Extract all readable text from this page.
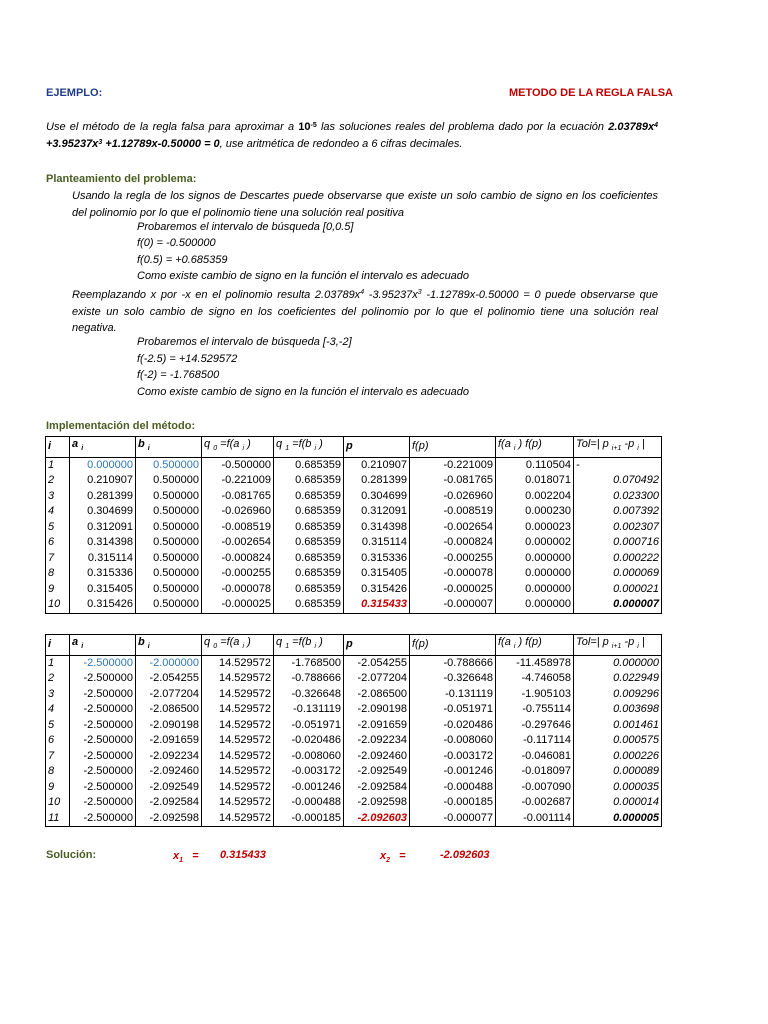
EJEMPLO:	METODO DE LA REGLA FALSA
Use el método de la regla falsa para aproximar a $10^{-5}$ las soluciones reales del problema dado por la ecuación $2.03789x^4 +3.95237x^3 +1.12789x-0.50000 = 0$, use aritmética de redondeo a 6 cifras decimales.
Planteamiento del problema:
Usando la regla de los signos de Descartes puede observarse que existe un solo cambio de signo en los coeficientes del polinomio por lo que el polinomio tiene una solución real positiva
Probaremos el intervalo de búsqueda [0,0.5]
f(0) = -0.500000
f(0.5) = +0.685359
Como existe cambio de signo en la función el intervalo es adecuado
Reemplazando x por -x en el polinomio resulta $2.03789x^4$ $-3.95237x^3$ -1.12789x-0.50000 = 0 puede observarse que existe un solo cambio de signo en los coeficientes del polinomio por lo que el polinomio tiene una solución real negativa.
Probaremos el intervalo de búsqueda [-3,-2]
f(-2.5) = +14.529572
f(-2) = -1.768500
Como existe cambio de signo en la función el intervalo es adecuado
Implementación del método:
i	a $_i$	b $_i$	q $_0$ =f(a $_i$ )	q $_1$ =f(b $_i$ )	p	f(p)	f(a $_i$ ) f(p)	Tol=| p $_{i+1}$ -p $_i$ |
1	0.000000	0.500000	-0.500000	0.685359	0.210907	-0.221009	0.110504	-
2	0.210907	0.500000	-0.221009	0.685359	0.281399	-0.081765	0.018071	0.070492
3	0.281399	0.500000	-0.081765	0.685359	0.304699	-0.026960	0.002204	0.023300
4	0.304699	0.500000	-0.026960	0.685359	0.312091	-0.008519	0.000230	0.007392
5	0.312091	0.500000	-0.008519	0.685359	0.314398	-0.002654	0.000023	0.002307
6	0.314398	0.500000	-0.002654	0.685359	0.315114	-0.000824	0.000002	0.000716
7	0.315114	0.500000	-0.000824	0.685359	0.315336	-0.000255	0.000000	0.000222
8	0.315336	0.500000	-0.000255	0.685359	0.315405	-0.000078	0.000000	0.000069
9	0.315405	0.500000	-0.000078	0.685359	0.315426	-0.000025	0.000000	0.000021
10	0.315426	0.500000	-0.000025	0.685359	0.315433	-0.000007	0.000000	0.000007
i	a $_i$	b $_i$	q $_0$ =f(a $_i$ )	q $_1$ =f(b $_i$ )	p	f(p)	f(a $_i$ ) f(p)	Tol=| p $_{i+1}$ -p $_i$ |
1	-2.500000	-2.000000	14.529572	-1.768500	-2.054255	-0.788666	-11.458978	0.000000
2	-2.500000	-2.054255	14.529572	-0.788666	-2.077204	-0.326648	-4.746058	0.022949
3	-2.500000	-2.077204	14.529572	-0.326648	-2.086500	-0.131119	-1.905103	0.009296
4	-2.500000	-2.086500	14.529572	-0.131119	-2.090198	-0.051971	-0.755114	0.003698
5	-2.500000	-2.090198	14.529572	-0.051971	-2.091659	-0.020486	-0.297646	0.001461
6	-2.500000	-2.091659	14.529572	-0.020486	-2.092234	-0.008060	-0.117114	0.000575
7	-2.500000	-2.092234	14.529572	-0.008060	-2.092460	-0.003172	-0.046081	0.000226
8	-2.500000	-2.092460	14.529572	-0.003172	-2.092549	-0.001246	-0.018097	0.000089
9	-2.500000	-2.092549	14.529572	-0.001246	-2.092584	-0.000488	-0.007090	0.000035
10	-2.500000	-2.092584	14.529572	-0.000488	-2.092598	-0.000185	-0.002687	0.000014
11	-2.500000	-2.092598	14.529572	-0.000185	-2.092603	-0.000077	-0.001114	0.000005
Solución:	$x_1 = 0.315433$	$x_2$ =	-2.092603
